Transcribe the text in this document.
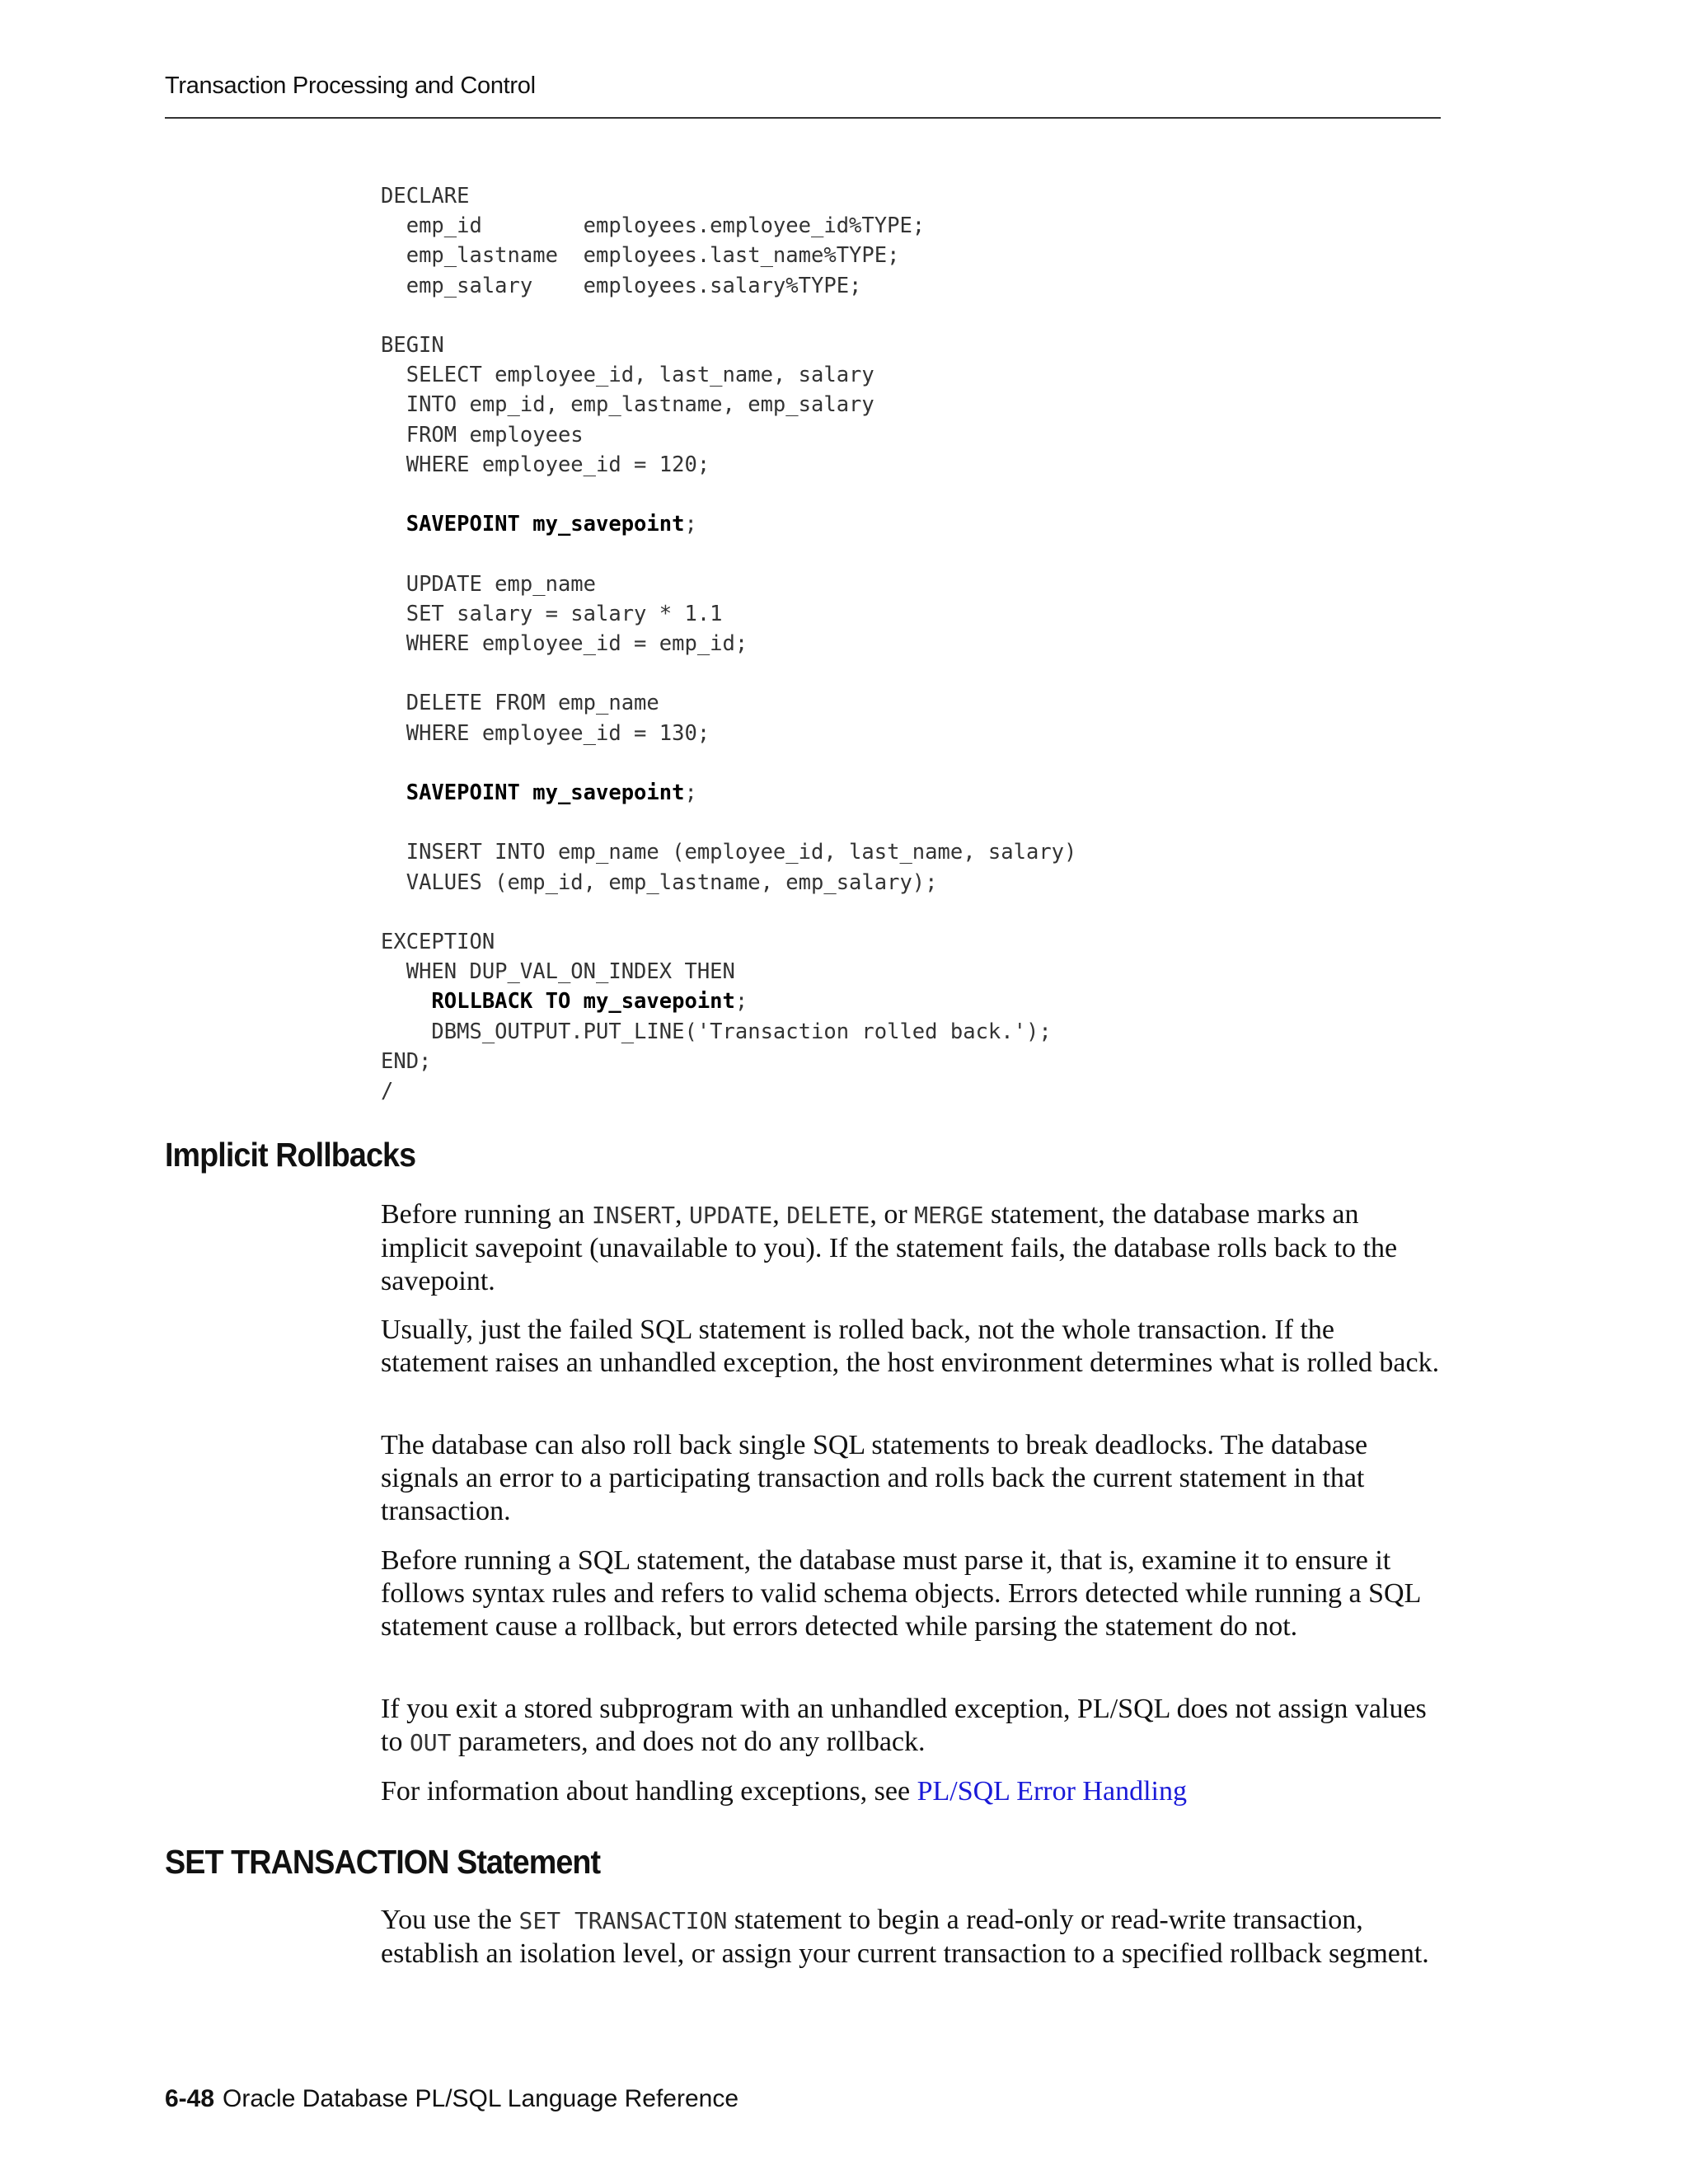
Transaction Processing and Control
DECLARE
emp_id        employees.employee_id%TYPE;
emp_lastname  employees.last_name%TYPE;
emp_salary    employees.salary%TYPE;
BEGIN
SELECT employee_id, last_name, salary
INTO emp_id, emp_lastname, emp_salary
FROM employees
WHERE employee_id = 120;
SAVEPOINT my_savepoint;
UPDATE emp_name
SET salary = salary * 1.1
WHERE employee_id = emp_id;
DELETE FROM emp_name
WHERE employee_id = 130;
SAVEPOINT my_savepoint;
INSERT INTO emp_name (employee_id, last_name, salary)
VALUES (emp_id, emp_lastname, emp_salary);
EXCEPTION
WHEN DUP_VAL_ON_INDEX THEN
ROLLBACK TO my_savepoint;
DBMS_OUTPUT.PUT_LINE('Transaction rolled back.');
END;
/
Implicit Rollbacks

Before running an INSERT, UPDATE, DELETE, or MERGE statement, the database marks an implicit savepoint (unavailable to you). If the statement fails, the database rolls back to the savepoint.

Usually, just the failed SQL statement is rolled back, not the whole transaction. If the statement raises an unhandled exception, the host environment determines what is rolled back.

The database can also roll back single SQL statements to break deadlocks. The database signals an error to a participating transaction and rolls back the current statement in that transaction.

Before running a SQL statement, the database must parse it, that is, examine it to ensure it follows syntax rules and refers to valid schema objects. Errors detected while running a SQL statement cause a rollback, but errors detected while parsing the statement do not.

If you exit a stored subprogram with an unhandled exception, PL/SQL does not assign values to OUT parameters, and does not do any rollback.

For information about handling exceptions, see PL/SQL Error Handling

SET TRANSACTION Statement

You use the SET TRANSACTION statement to begin a read-only or read-write transaction, establish an isolation level, or assign your current transaction to a specified rollback segment.

6-48 Oracle Database PL/SQL Language Reference
